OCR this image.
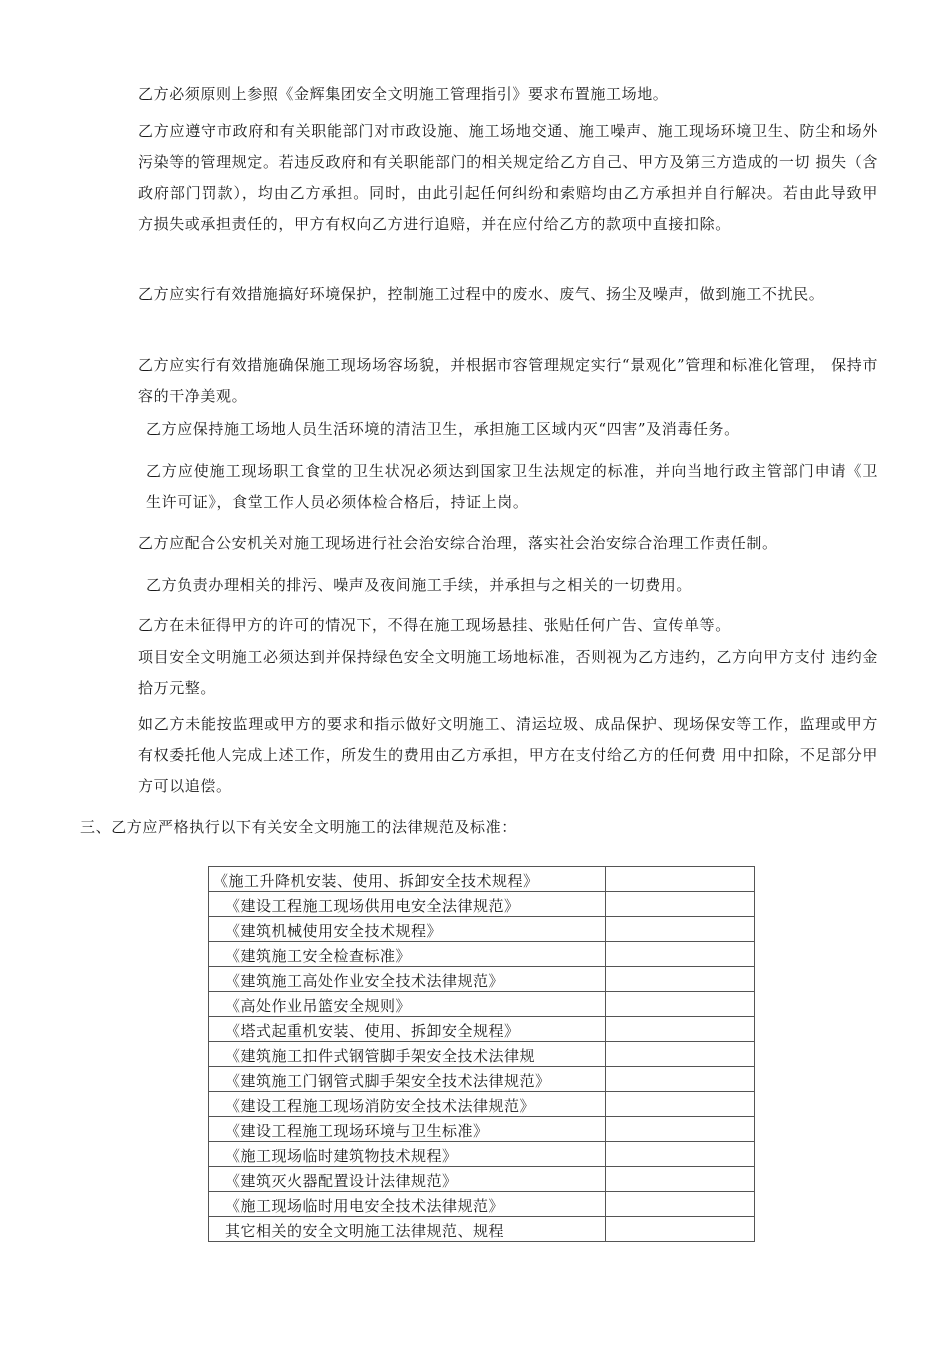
乙方必须原则上参照《金辉集团安全文明施工管理指引》要求布置施工场地。

乙方应遵守市政府和有关职能部门对市政设施、施工场地交通、施工噪声、施工现场环境卫生、防尘和场外污染等的管理规定。若违反政府和有关职能部门的相关规定给乙方自己、甲方及第三方造成的一切 损失（含政府部门罚款），均由乙方承担。同时，由此引起任何纠纷和索赔均由乙方承担并自行解决。若由此导致甲方损失或承担责任的，甲方有权向乙方进行追赔，并在应付给乙方的款项中直接扣除。

乙方应实行有效措施搞好环境保护，控制施工过程中的废水、废气、扬尘及噪声，做到施工不扰民。

乙方应实行有效措施确保施工现场场容场貌，并根据市容管理规定实行“景观化”管理和标准化管理， 保持市容的干净美观。

乙方应保持施工场地人员生活环境的清洁卫生，承担施工区域内灭“四害”及消毒任务。

乙方应使施工现场职工食堂的卫生状况必须达到国家卫生法规定的标准，并向当地行政主管部门申请《卫生许可证》，食堂工作人员必须体检合格后，持证上岗。

乙方应配合公安机关对施工现场进行社会治安综合治理，落实社会治安综合治理工作责任制。

乙方负责办理相关的排污、噪声及夜间施工手续，并承担与之相关的一切费用。

乙方在未征得甲方的许可的情况下，不得在施工现场悬挂、张贴任何广告、宣传单等。

项目安全文明施工必须达到并保持绿色安全文明施工场地标准，否则视为乙方违约，乙方向甲方支付 违约金拾万元整。

如乙方未能按监理或甲方的要求和指示做好文明施工、清运垃圾、成品保护、现场保安等工作，监理或甲方有权委托他人完成上述工作，所发生的费用由乙方承担，甲方在支付给乙方的任何费 用中扣除，不足部分甲方可以追偿。

三、乙方应严格执行以下有关安全文明施工的法律规范及标准：

《施工升降机安装、使用、拆卸安全技术规程》	
《建设工程施工现场供用电安全法律规范》	
《建筑机械使用安全技术规程》	
《建筑施工安全检查标准》	
《建筑施工高处作业安全技术法律规范》	
《高处作业吊篮安全规则》	
《塔式起重机安装、使用、拆卸安全规程》	
《建筑施工扣件式钢管脚手架安全技术法律规	
《建筑施工门钢管式脚手架安全技术法律规范》	
《建设工程施工现场消防安全技术法律规范》	
《建设工程施工现场环境与卫生标准》	
《施工现场临时建筑物技术规程》	
《建筑灭火器配置设计法律规范》	
《施工现场临时用电安全技术法律规范》	
其它相关的安全文明施工法律规范、规程	
